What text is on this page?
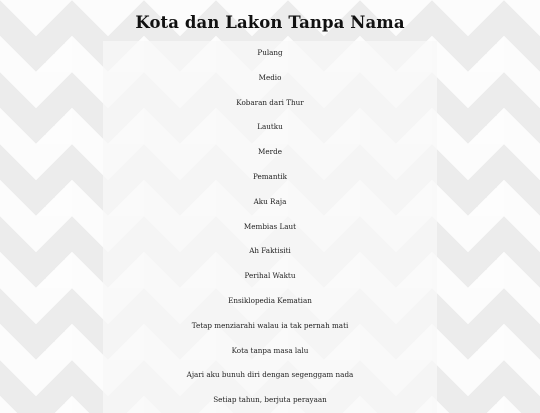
Kota dan Lakon Tanpa Nama
Pulang
Medio
Kobaran dari Thur
Lautku
Merde
Pemantik
Aku Raja
Membias Laut
Ah Faktisiti
Perihal Waktu
Ensiklopedia Kematian
Tetap menziarahi walau ia tak pernah mati
Kota tanpa masa lalu
Ajari aku bunuh diri dengan segenggam nada
Setiap tahun, berjuta perayaan
